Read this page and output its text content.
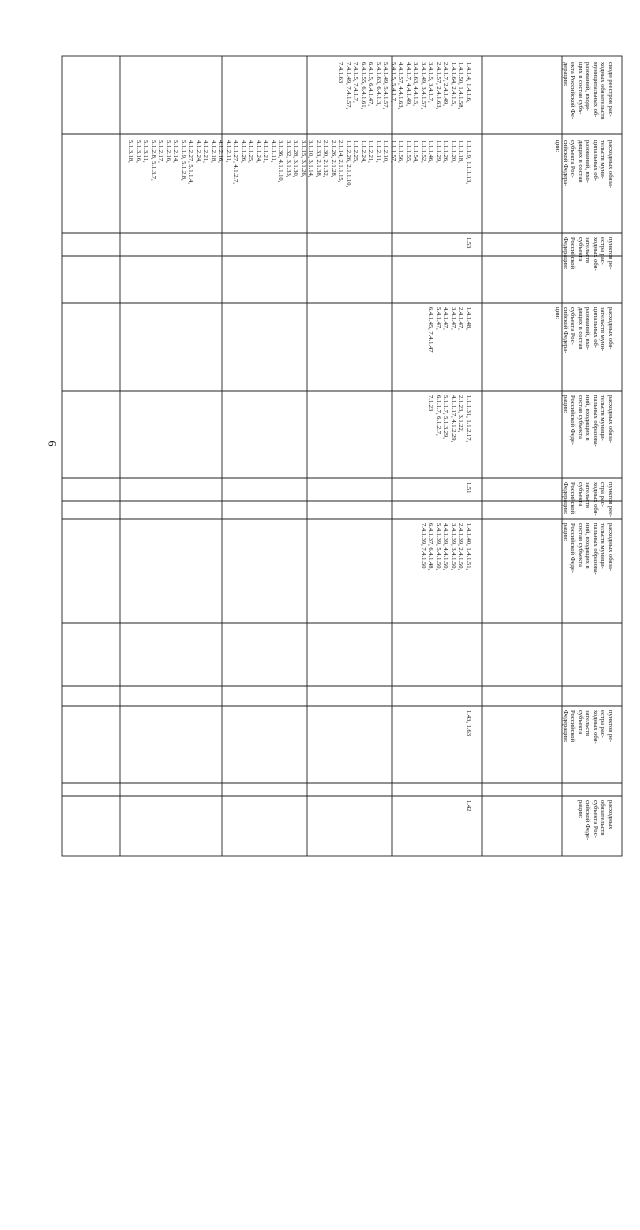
6
сводн реестров рас-
ходных обязательств
муниципальных об-
разований, входя-
щих в состав субъ-
екта Российской Фе-
дерации:
1.4.1.4, 1.4.1.6,
1.4.1.50, 1.4.1.58,
1.4.1.64, 2.4.1.5,
2.4.1.7, 2.4.1.49,
2.4.1.57, 2.4.1.63,
3.4.1.5, 3.4.1.7,
3.4.1.49, 3.4.1.57,
3.4.1.63, 4.4.1.5,
4.4.1.7, 4.4.1.49,
4.4.1.57, 4.4.1.63,
5.4.1.5, 5.4.1.7,
5.4.1.49, 5.4.1.57,
5.4.1.63, 6.4.1.3,
6.4.1.5, 6.4.1.47,
6.4.1.55, 6.4.1.61,
7.4.1.5, 7.4.1.7,
7.4.1.49, 7.4.1.57,
7.4.1.63
расходных обяза-
тельств муни-
ципальных об-
разований, вхо-
дящих в состав
субъекта Рос-
сийской Федера-
ции:
1.1.1.9, 1.1.1.13,
1.1.1.18,
1.1.1.20,
1.1.1.26,
1.1.1.29,
1.1.1.46,
1.1.1.52,
1.1.1.54,
1.1.1.55,
1.1.1.56,
1.1.1.57,
1.1.2.10,
1.1.2.11,
1.1.2.21,
1.1.2.24,
1.1.2.25,
1.1.2.26, 2.1.1.10,
2.1.14, 2.1.1.15,
2.1.26, 2.1.28,
2.1.30, 2.1.32,
2.1.33, 2.1.38,
3.1.10, 3.1.14,
3.1.15, 3.1.26,
3.1.28, 3.1.30,
3.1.32, 3.1.33,
3.1.36, 4.1.1.10,
4.1.1.11,
4.1.1.21,
4.1.1.24,
4.1.1.25,
4.1.1.26,
4.1.1.27, 4.1.2.7,
4.1.2.11,
4.1.2.16,
4.1.2.18,
4.1.2.21,
4.1.2.24,
4.1.2.27, 5.1.1.4,
5.1.1.9, 5.1.2.8,
5.1.2.14,
5.1.2.16,
5.1.2.17,
5.1.2.8, 5.1.3.7,
5.1.3.11,
5.1.3.16,
5.1.3.18,
пунктов ре-
естра рас-
ходных обя-
зательств
субъекта
Российской
Федерации:
1.53
расходных обя-
зательств муни-
ципальных об-
разований, вхо-
дящих в состав
субъекта Рос-
сийской Федера-
ции:
1.4.1.48,
2.4.1.47,
3.4.1.47,
4.4.1.47,
5.4.1.47,
6.4.1.45, 7.4.1.47
расходных обяза-
тельств муници-
пальных образова-
ний, входящих в
состав субъекта
Российской Феде-
рации:
1.1.1.31, 1.1.2.17,
2.1.23, 3.1.22,
4.1.1.17, 4.1.2.29,
5.1.1.7, 5.1.3.29,
6.1.1.7, 6.1.2.7,
7.1.23
пунктов рее-
стра рас-
ходных обя-
зательств
субъекта
Российской
Федерации:
1.51
расходных обяза-
тельств муници-
пальных образова-
ний, входящих в
состав субъекта
Российской Феде-
рации:
1.4.1.40, 1.4.1.51,
2.4.1.39, 2.4.1.50,
3.4.1.39, 3.4.1.50,
4.4.1.39, 4.4.1.50,
5.4.1.39, 5.4.1.50,
6.4.1.37, 6.4.1.48,
7.4.1.39, 7.4.1.50
пунктов ре-
естра рас-
ходных обя-
зательств
субъекта
Российской
Федерации:
1.43, 1.63
расходных
обязательств
субъекта Рос-
сийской Феде-
рации:
1.42
